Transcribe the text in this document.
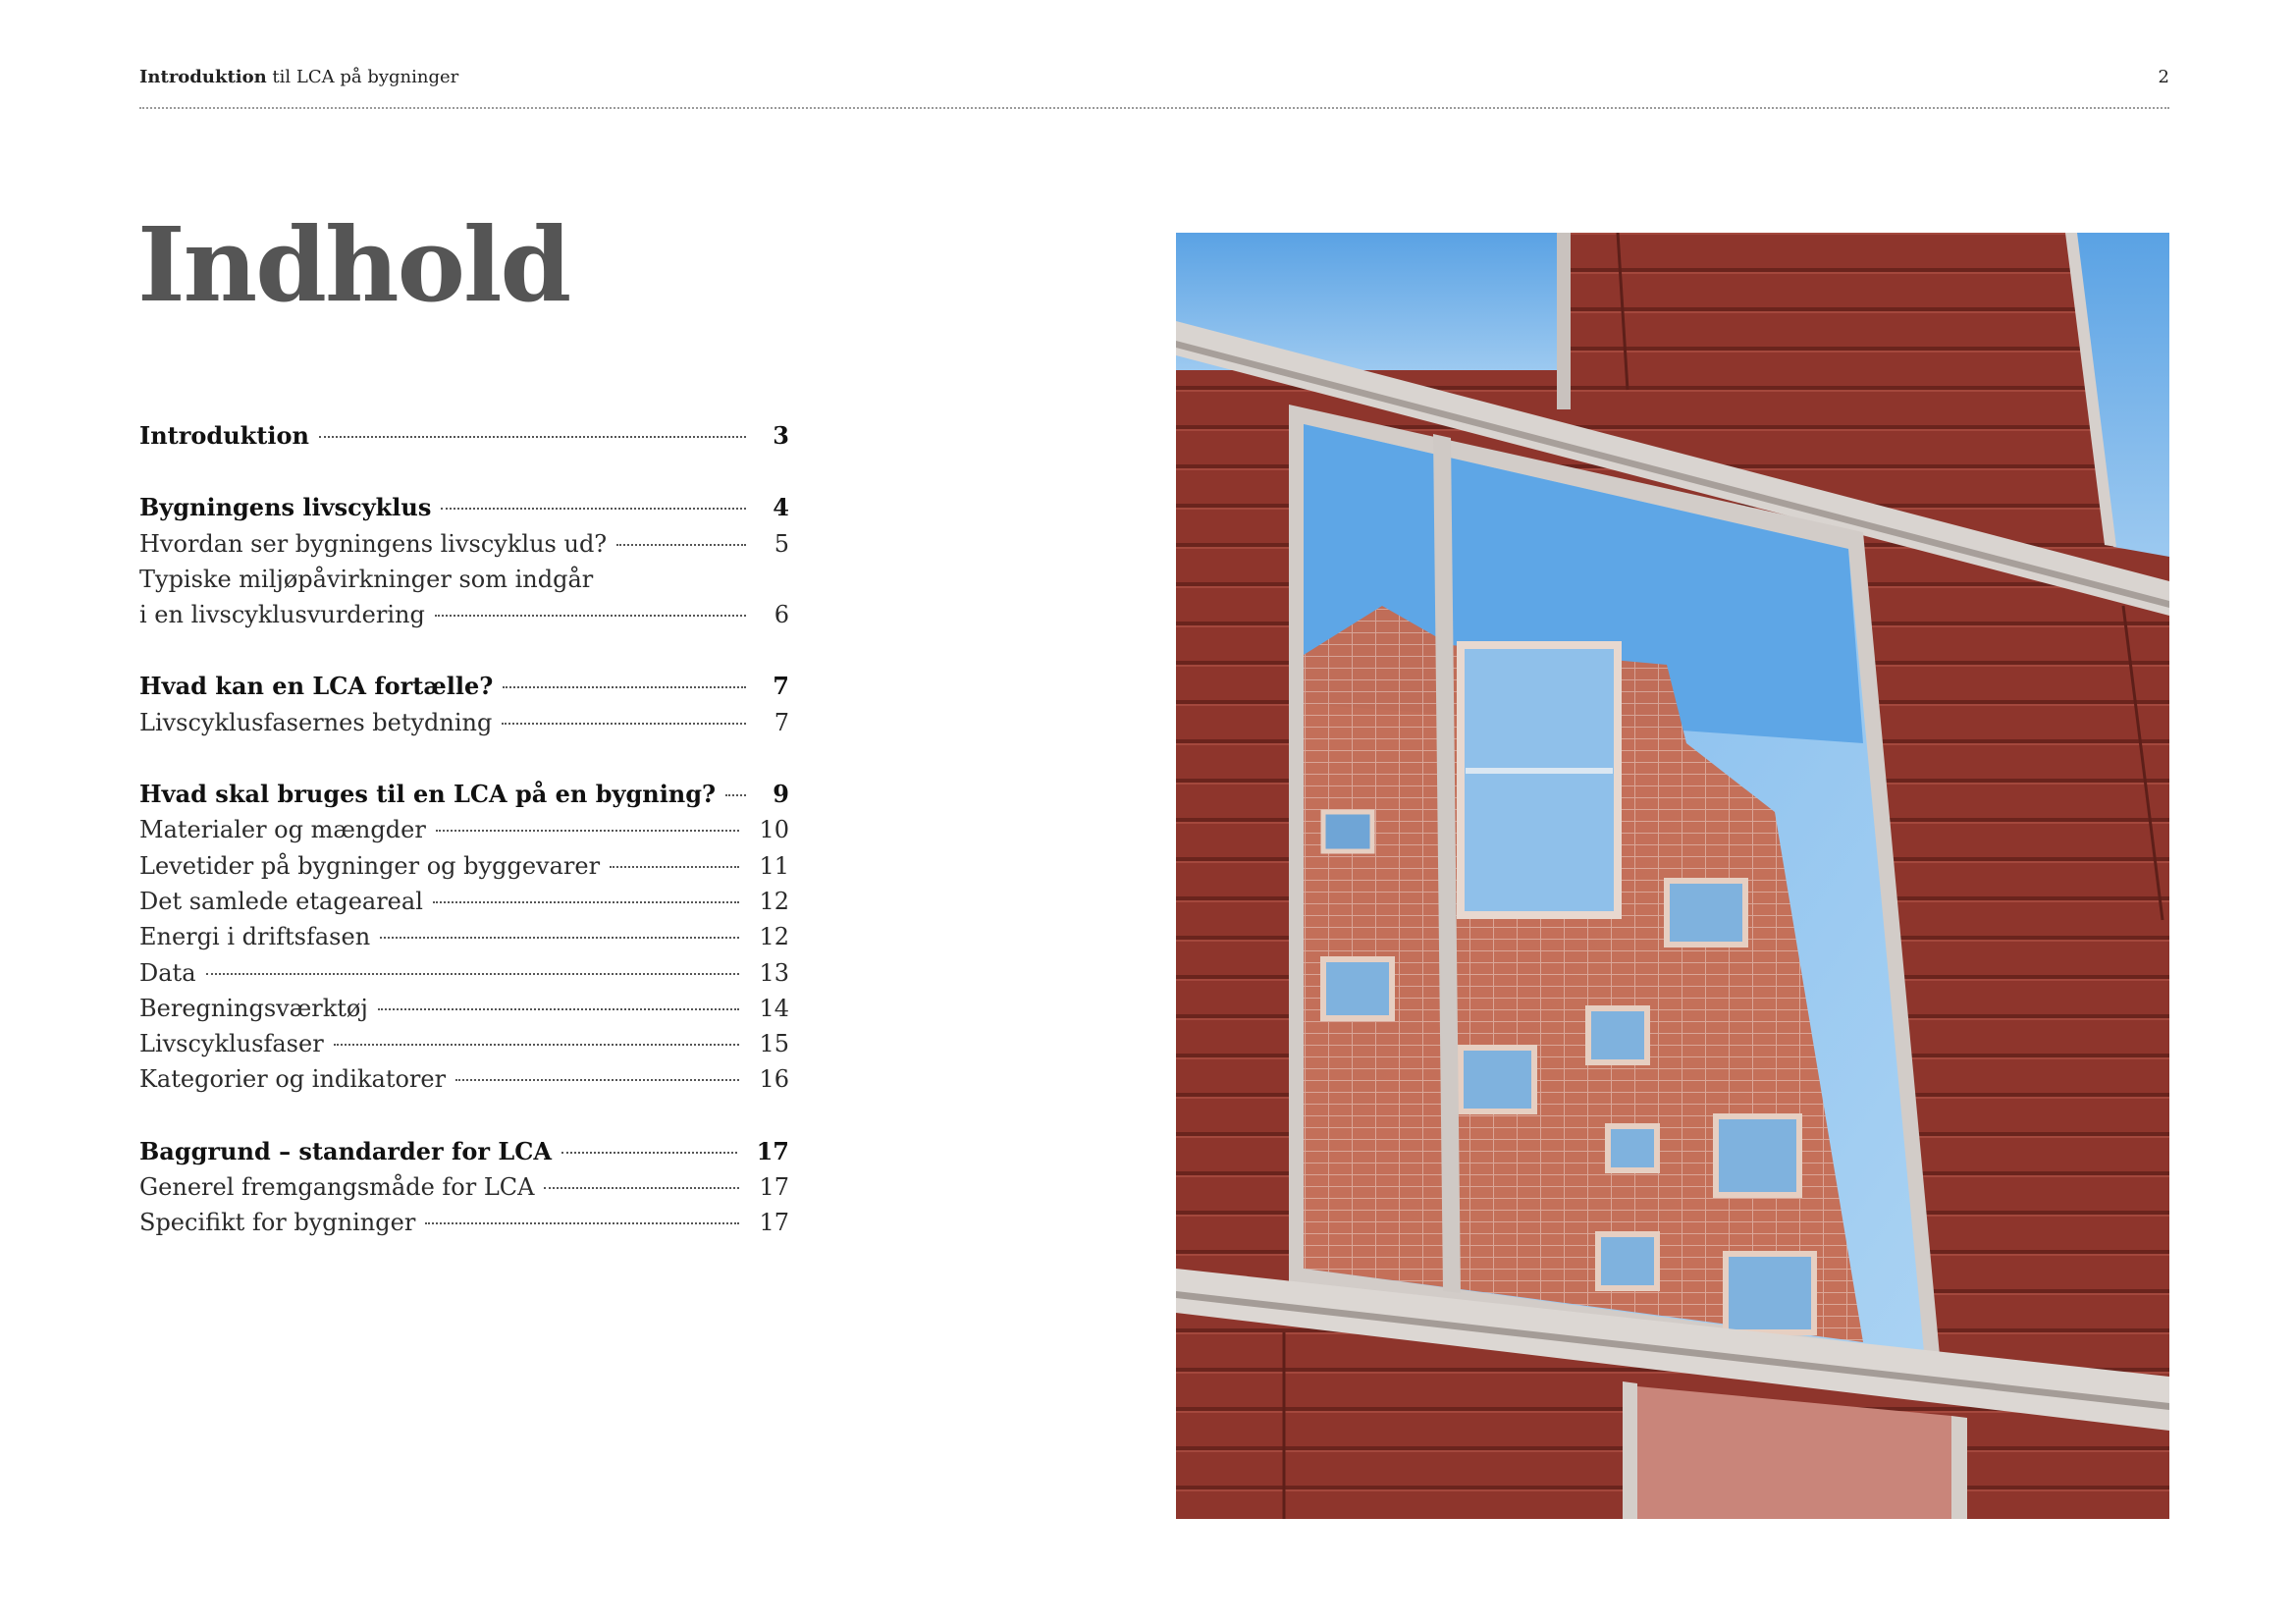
Introduktion til LCA på bygninger	2
Indhold
Introduktion	3
Bygningens livscyklus	4
Hvordan ser bygningens livscyklus ud?	5
Typiske miljøpåvirkninger som indgår
i en livscyklusvurdering	6
Hvad kan en LCA fortælle?	7
Livscyklusfasernes betydning	7
Hvad skal bruges til en LCA på en bygning?	9
Materialer og mængder	10
Levetider på bygninger og byggevarer	11
Det samlede etageareal	12
Energi i driftsfasen	12
Data	13
Beregningsværktøj	14
Livscyklusfaser	15
Kategorier og indikatorer	16
Baggrund – standarder for LCA	17
Generel fremgangsmåde for LCA	17
Specifikt for bygninger	17
